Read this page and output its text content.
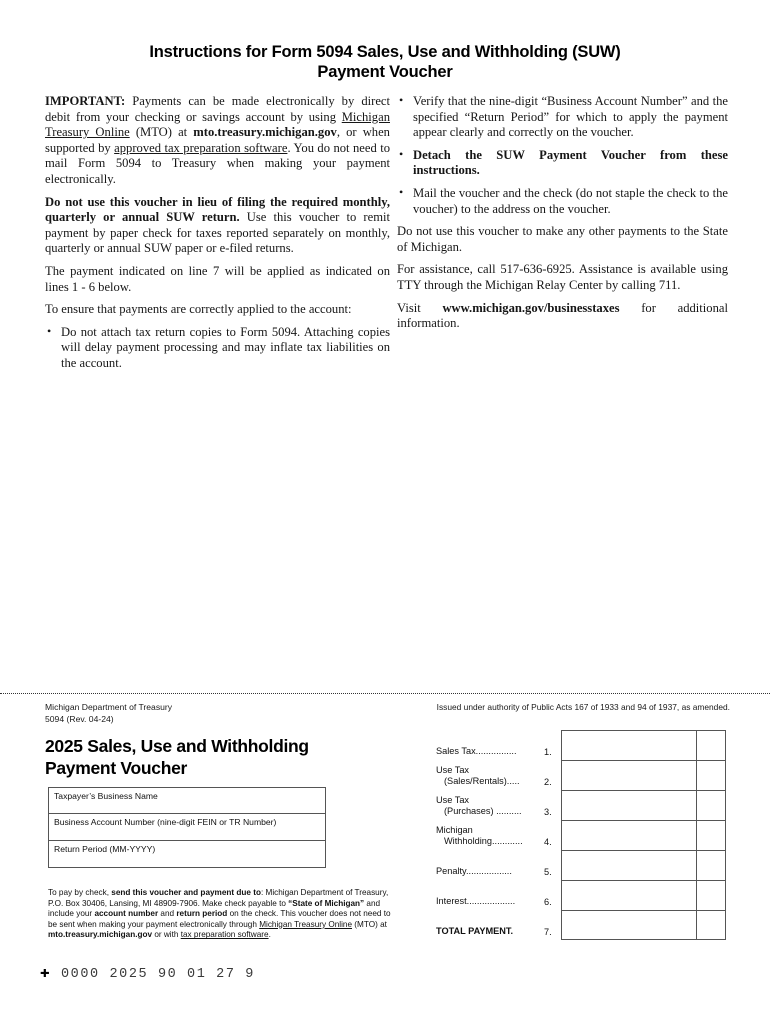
Instructions for Form 5094 Sales, Use and Withholding (SUW)
Payment Voucher

IMPORTANT: Payments can be made electronically by direct debit from your checking or savings account by using Michigan Treasury Online (MTO) at mto.treasury.michigan.gov, or when supported by approved tax preparation software. You do not need to mail Form 5094 to Treasury when making your payment electronically.

Do not use this voucher in lieu of filing the required monthly, quarterly or annual SUW return. Use this voucher to remit payment by paper check for taxes reported separately on monthly, quarterly or annual SUW paper or e-filed returns.

The payment indicated on line 7 will be applied as indicated on lines 1 - 6 below.

To ensure that payments are correctly applied to the account:

• Do not attach tax return copies to Form 5094. Attaching copies will delay payment processing and may inflate tax liabilities on the account.
• Verify that the nine-digit “Business Account Number” and the specified “Return Period” for which to apply the payment appear clearly and correctly on the voucher.
• Detach the SUW Payment Voucher from these instructions.
• Mail the voucher and the check (do not staple the check to the voucher) to the address on the voucher.

Do not use this voucher to make any other payments to the State of Michigan.

For assistance, call 517-636-6925. Assistance is available using TTY through the Michigan Relay Center by calling 711.

Visit www.michigan.gov/businesstaxes for additional information.

Michigan Department of Treasury
5094 (Rev. 04-24)
Issued under authority of Public Acts 167 of 1933 and 94 of 1937, as amended.
2025 Sales, Use and Withholding
Payment Voucher
Taxpayer’s Business Name
Business Account Number (nine-digit FEIN or TR Number)
Return Period (MM-YYYY)
To pay by check, send this voucher and payment due to: Michigan Department of Treasury, P.O. Box 30406, Lansing, MI 48909-7906. Make check payable to “State of Michigan” and include your account number and return period on the check. This voucher does not need to be sent when making your payment electronically through Michigan Treasury Online (MTO) at mto.treasury.michigan.gov or with tax preparation software.
✚ 0000 2025 90 01 27 9
Sales Tax................	1.
Use Tax
(Sales/Rentals).....	2.
Use Tax
(Purchases) ..........	3.
Michigan
Withholding............	4.
Penalty..................	5.
Interest...................	6.
TOTAL PAYMENT.	7.
